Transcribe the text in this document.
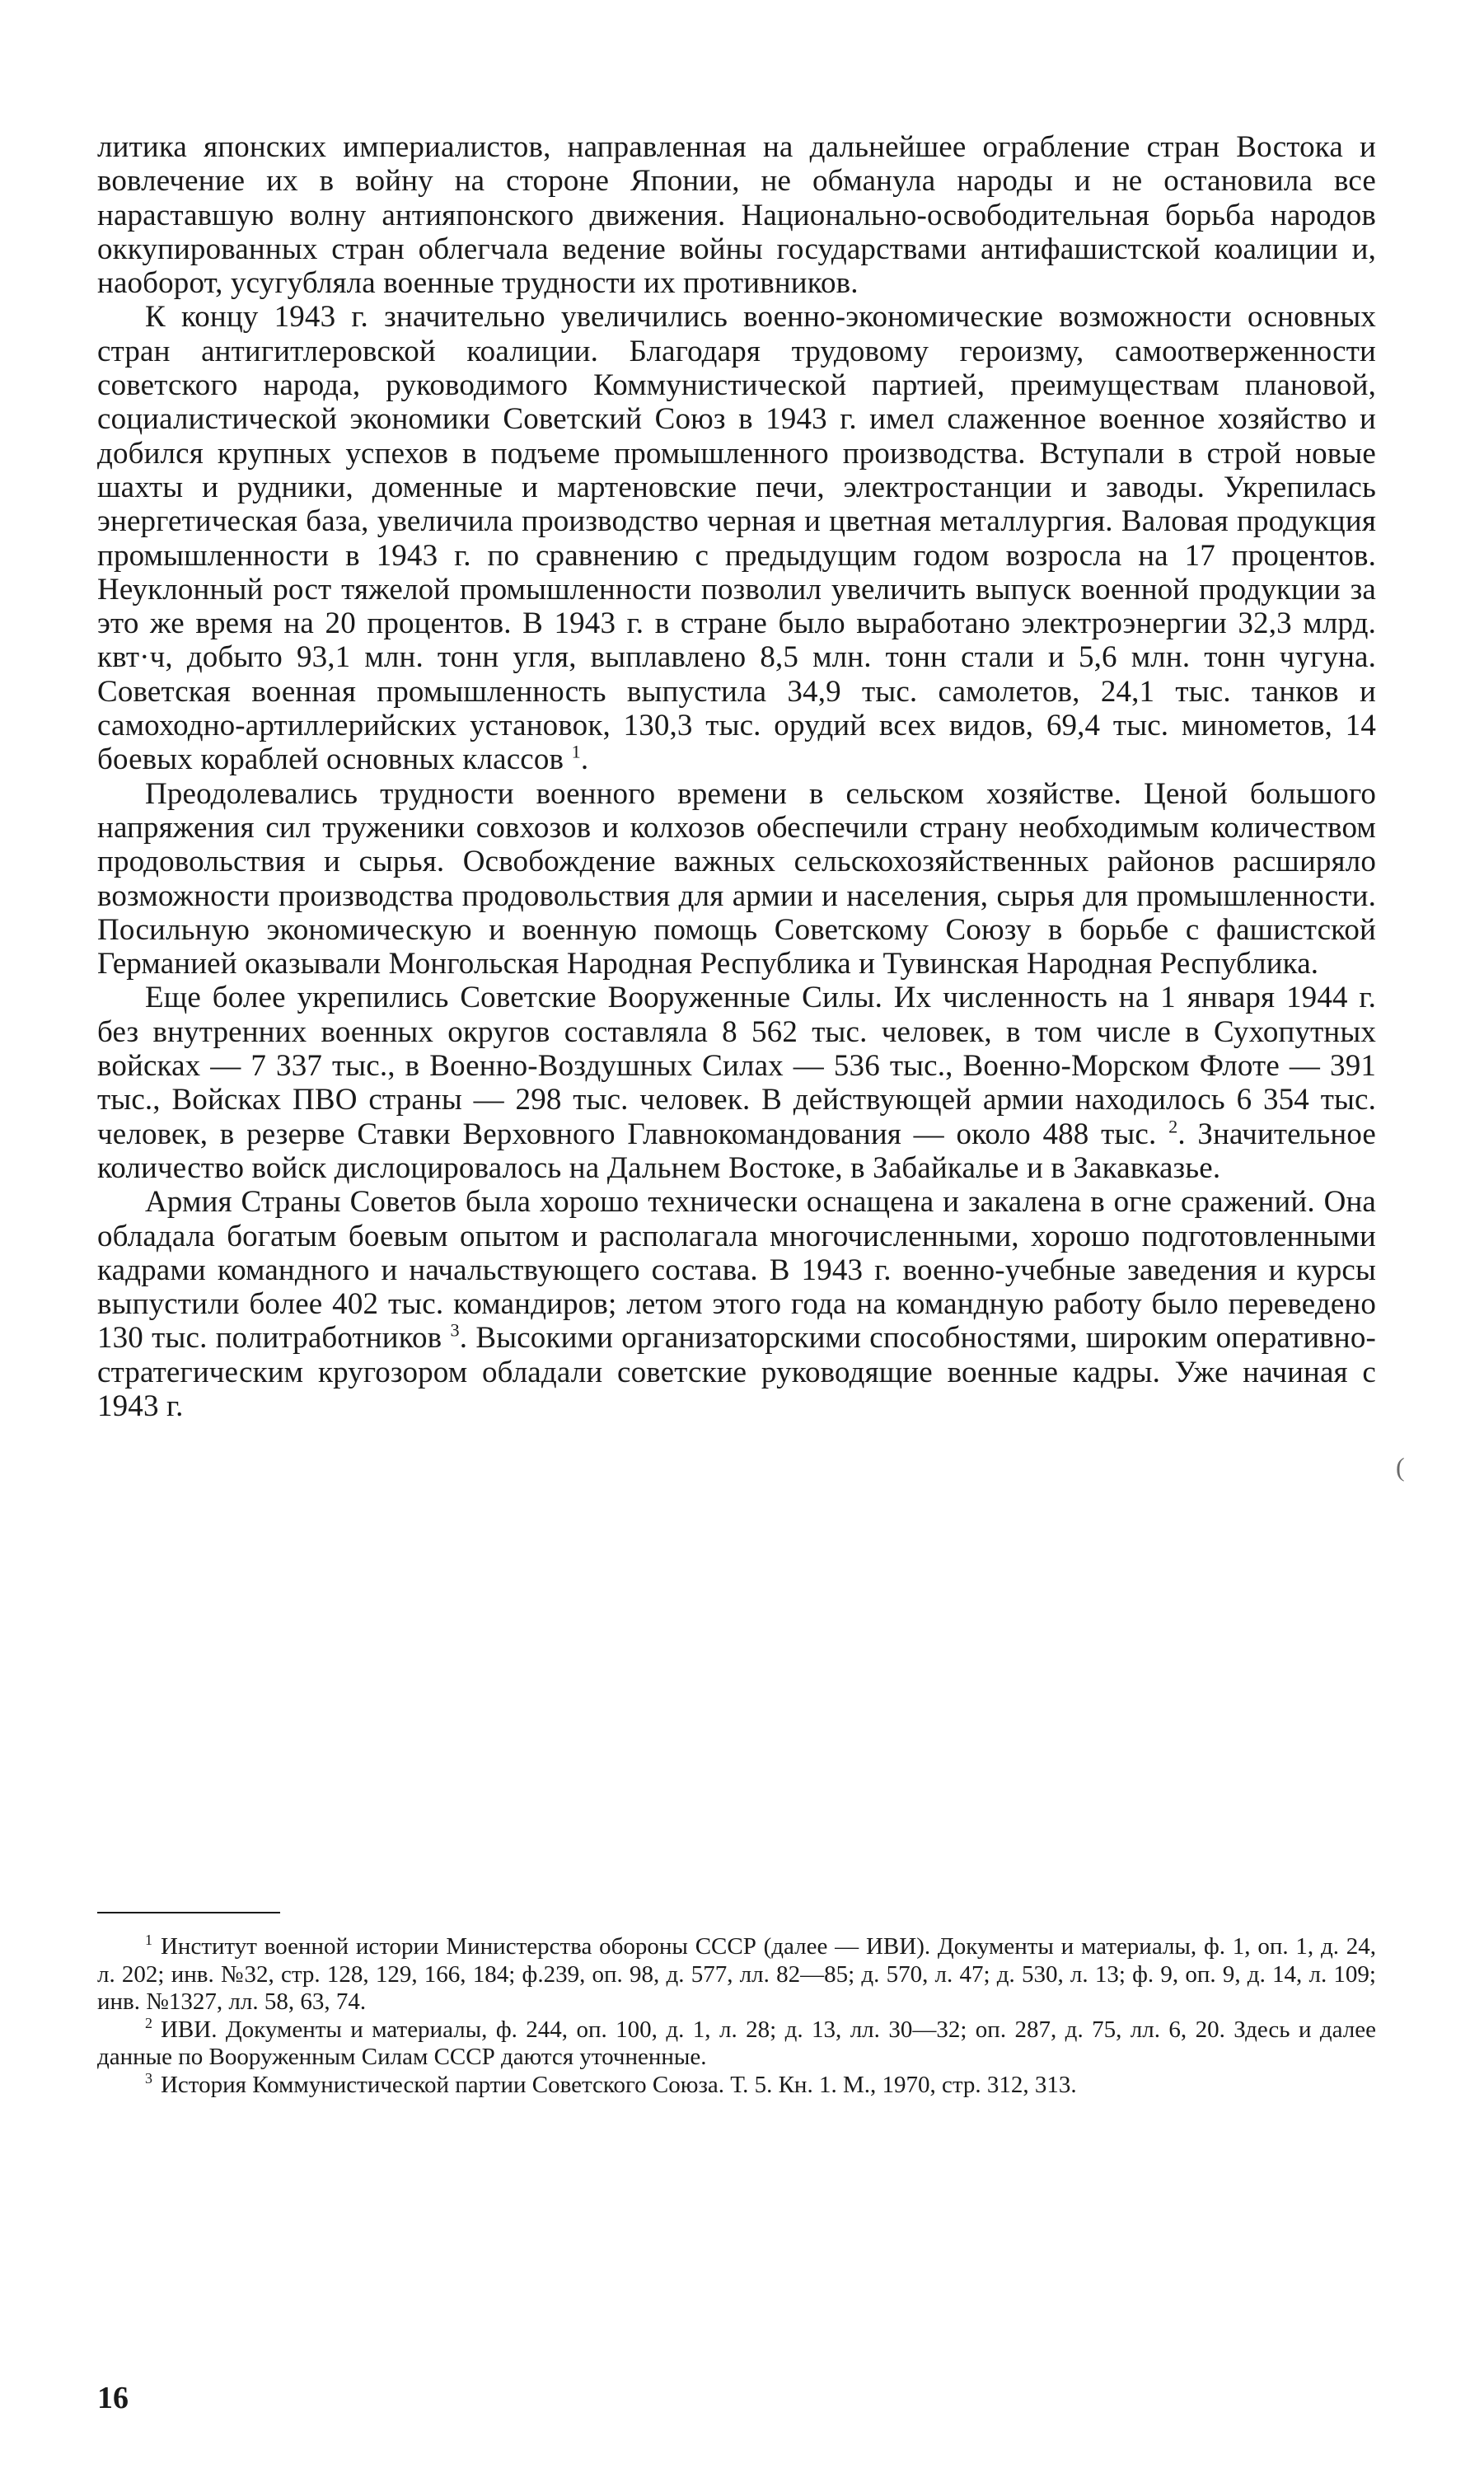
литика японских империалистов, направленная на дальнейшее ограбление стран Востока и вовлечение их в войну на стороне Японии, не обманула народы и не остановила все нараставшую волну антияпонского движения. Национально-освободительная борьба народов оккупированных стран облегчала ведение войны государствами антифашистской коалиции и, наоборот, усугубляла военные трудности их противников.

К концу 1943 г. значительно увеличились военно-экономические возможности основных стран антигитлеровской коалиции. Благодаря трудовому героизму, самоотверженности советского народа, руководимого Коммунистической партией, преимуществам плановой, социалистической экономики Советский Союз в 1943 г. имел слаженное военное хозяйство и добился крупных успехов в подъеме промышленного производства. Вступали в строй новые шахты и рудники, доменные и мартеновские печи, электростанции и заводы. Укрепилась энергетическая база, увеличила производство черная и цветная металлургия. Валовая продукция промышленности в 1943 г. по сравнению с предыдущим годом возросла на 17 процентов. Неуклонный рост тяжелой промышленности позволил увеличить выпуск военной продукции за это же время на 20 процентов. В 1943 г. в стране было выработано электроэнергии 32,3 млрд. квт·ч, добыто 93,1 млн. тонн угля, выплавлено 8,5 млн. тонн стали и 5,6 млн. тонн чугуна. Советская военная промышленность выпустила 34,9 тыс. самолетов, 24,1 тыс. танков и самоходно-артиллерийских установок, 130,3 тыс. орудий всех видов, 69,4 тыс. минометов, 14 боевых кораблей основных классов $^1$.

Преодолевались трудности военного времени в сельском хозяйстве. Ценой большого напряжения сил труженики совхозов и колхозов обеспечили страну необходимым количеством продовольствия и сырья. Освобождение важных сельскохозяйственных районов расширяло возможности производства продовольствия для армии и населения, сырья для промышленности. Посильную экономическую и военную помощь Советскому Союзу в борьбе с фашистской Германией оказывали Монгольская Народная Республика и Тувинская Народная Республика.

Еще более укрепились Советские Вооруженные Силы. Их численность на 1 января 1944 г. без внутренних военных округов составляла 8 562 тыс. человек, в том числе в Сухопутных войсках — 7 337 тыс., в Военно-Воздушных Силах — 536 тыс., Военно-Морском Флоте — 391 тыс., Войсках ПВО страны — 298 тыс. человек. В действующей армии находилось 6 354 тыс. человек, в резерве Ставки Верховного Главнокомандования — около 488 тыс. $^2$. Значительное количество войск дислоцировалось на Дальнем Востоке, в Забайкалье и в Закавказье.

Армия Страны Советов была хорошо технически оснащена и закалена в огне сражений. Она обладала богатым боевым опытом и располагала многочисленными, хорошо подготовленными кадрами командного и начальствующего состава. В 1943 г. военно-учебные заведения и курсы выпустили более 402 тыс. командиров; летом этого года на командную работу было переведено 130 тыс. политработников $^3$. Высокими организаторскими способностями, широким оперативно-стратегическим кругозором обладали советские руководящие военные кадры. Уже начиная с 1943 г.

(

$^1$ Институт военной истории Министерства обороны СССР (далее — ИВИ). Документы и материалы, ф. 1, оп. 1, д. 24, л. 202; инв. №32, стр. 128, 129, 166, 184; ф.239, оп. 98, д. 577, лл. 82—85; д. 570, л. 47; д. 530, л. 13; ф. 9, оп. 9, д. 14, л. 109; инв. №1327, лл. 58, 63, 74.

$^2$ ИВИ. Документы и материалы, ф. 244, оп. 100, д. 1, л. 28; д. 13, лл. 30—32; оп. 287, д. 75, лл. 6, 20. Здесь и далее данные по Вооруженным Силам СССР даются уточненные.

$^3$ История Коммунистической партии Советского Союза. Т. 5. Кн. 1. М., 1970, стр. 312, 313.

16
